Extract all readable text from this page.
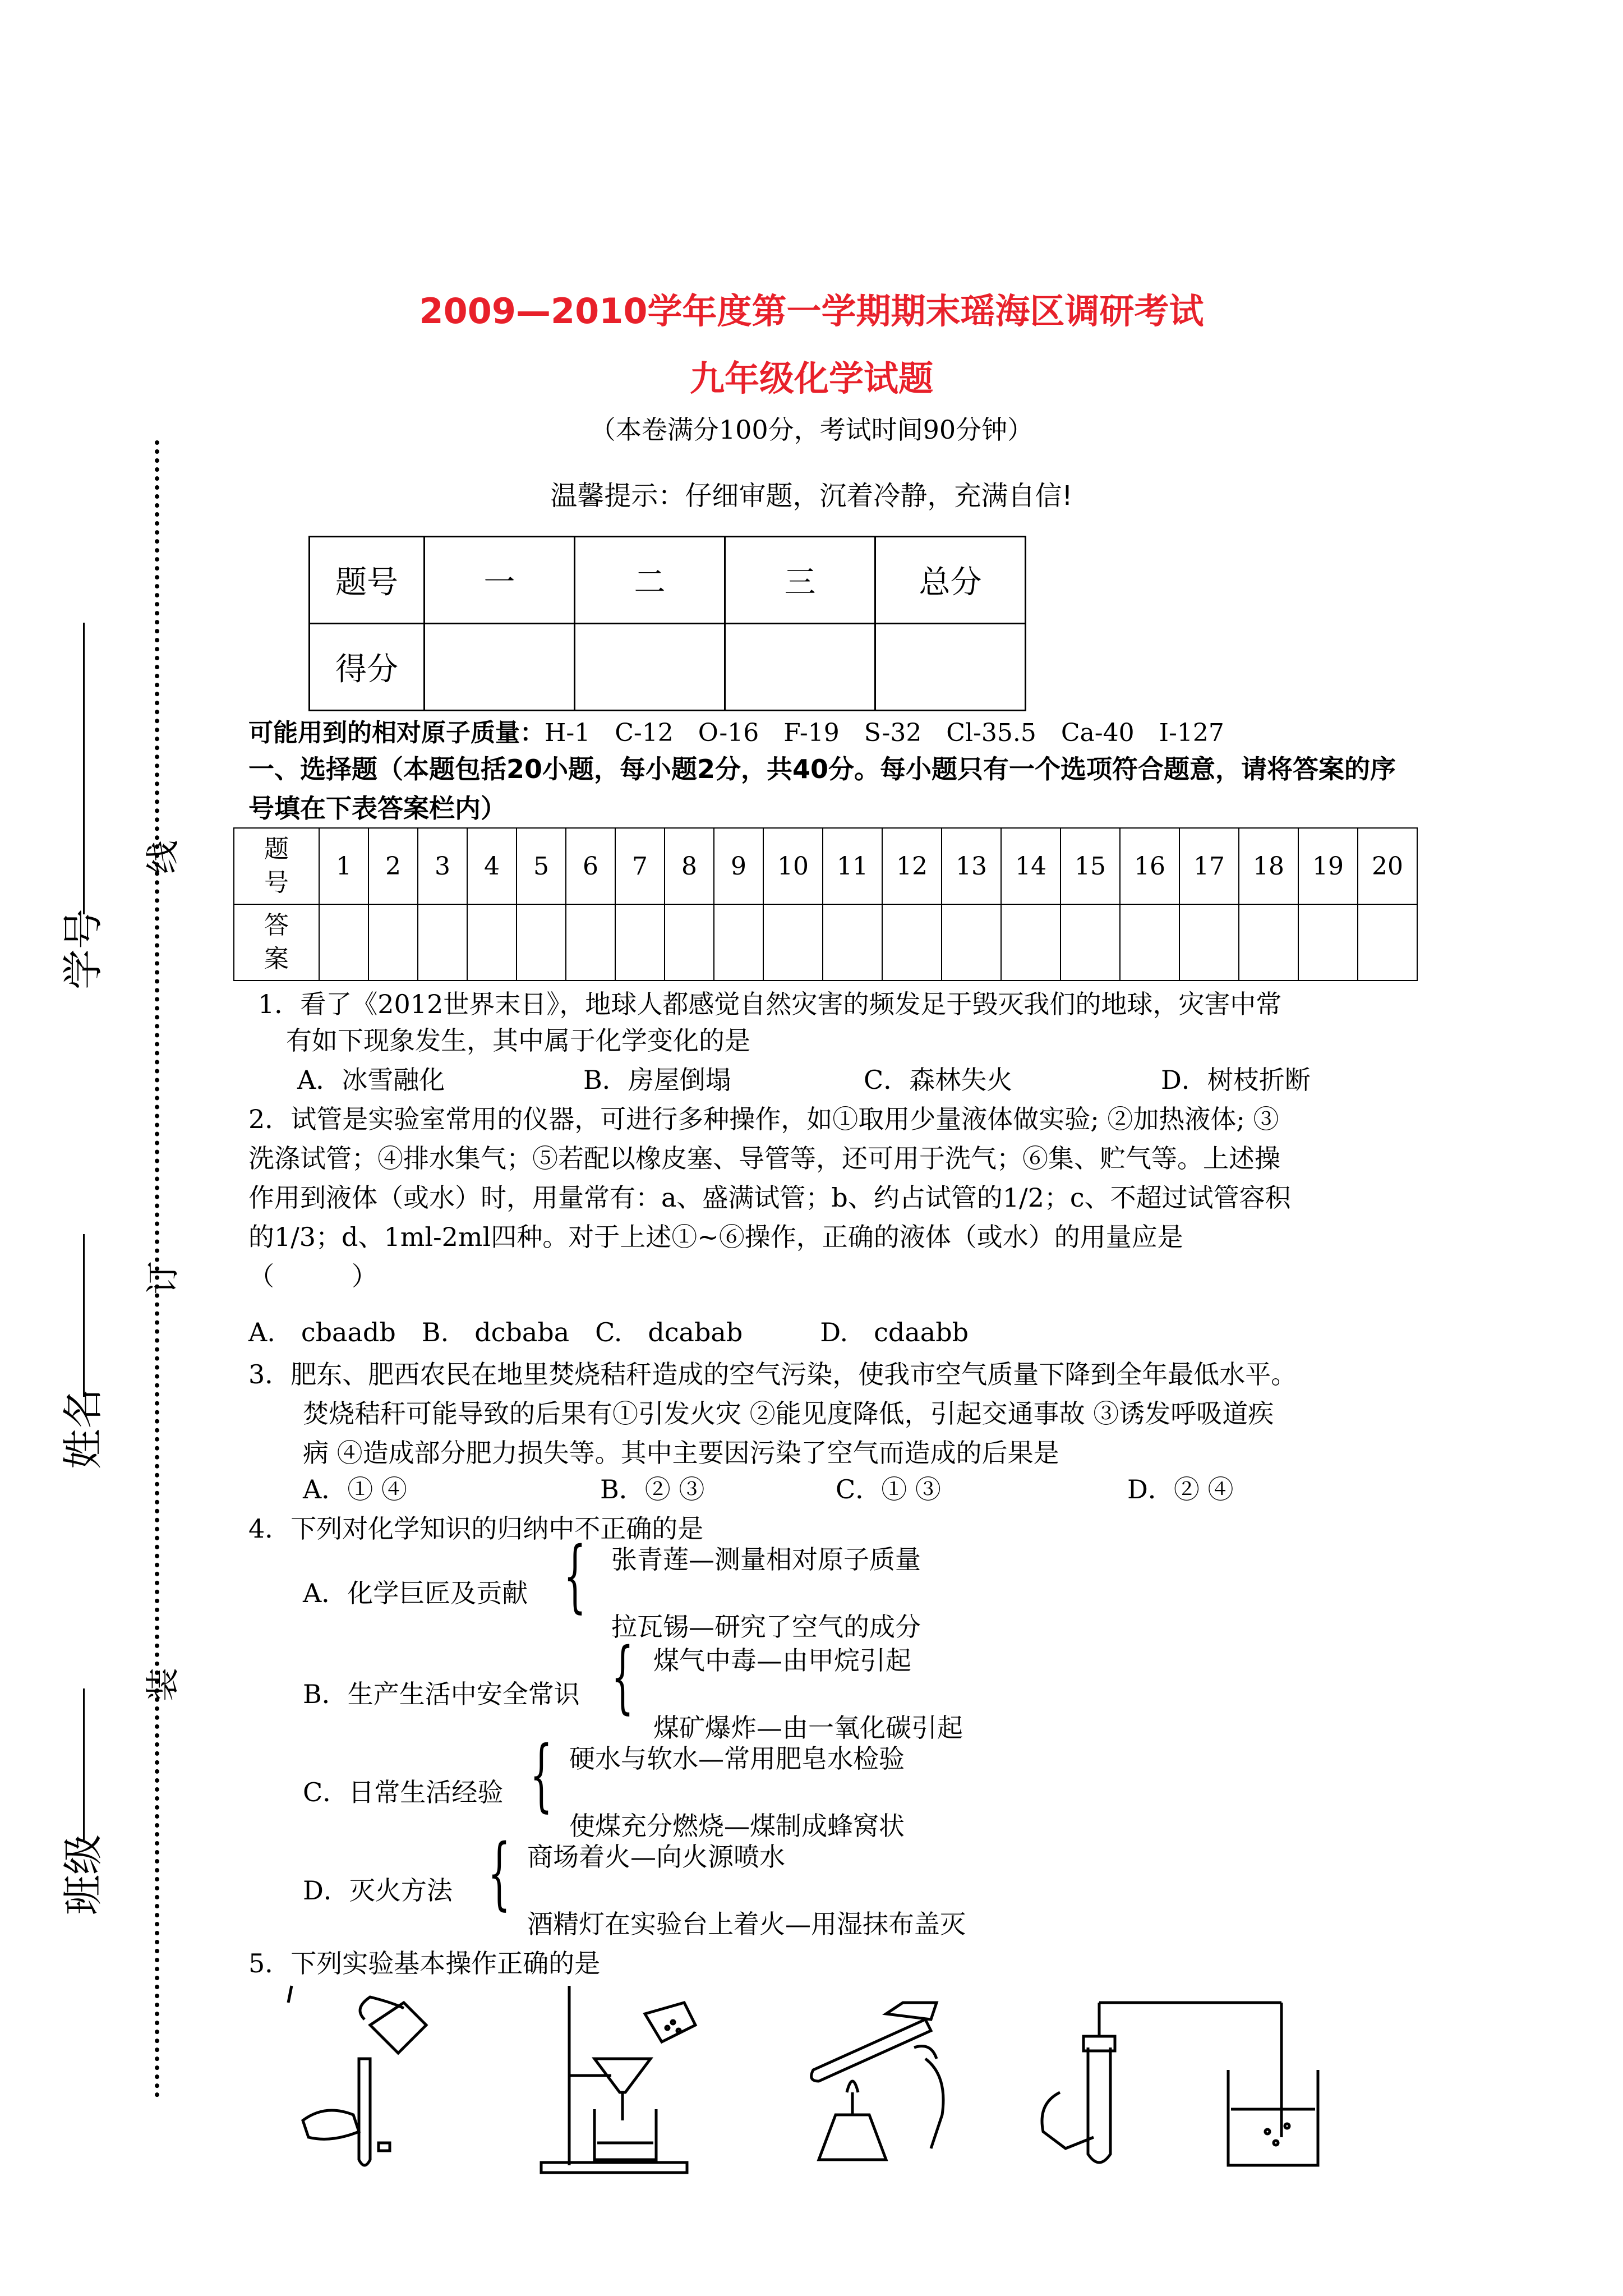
班级
姓名
学号
装
订
线
2009—2010学年度第一学期期末瑶海区调研考试
九年级化学试题
（本卷满分100分，考试时间90分钟）
温馨提示：仔细审题，沉着冷静，充满自信!
题号	一	二	三	总分
得分				
可能用到的相对原子质量：H-1　C-12　O-16　F-19　S-32　Cl-35.5　Ca-40　I-127
一、选择题（本题包括20小题，每小题2分，共40分。每小题只有一个选项符合题意，请将答案的序号填在下表答案栏内）
题号	1	2	3	4	5	6	7	8	9	10	11	12	13	14	15	16	17	18	19	20
答案																				
1．看了《2012世界末日》，地球人都感觉自然灾害的频发足于毁灭我们的地球，灾害中常
有如下现象发生，其中属于化学变化的是
A．冰雪融化	B．房屋倒塌	C．森林失火	D．树枝折断
2．试管是实验室常用的仪器，可进行多种操作，如①取用少量液体做实验; ②加热液体; ③
洗涤试管；④排水集气；⑤若配以橡皮塞、导管等，还可用于洗气；⑥集、贮气等。上述操
作用到液体（或水）时，用量常有：a、盛满试管；b、约占试管的1/2；c、不超过试管容积
的1/3；d、1ml-2ml四种。对于上述①~⑥操作，正确的液体（或水）的用量应是
（　　　）
A.　cbaadb　B.　dcbaba　C.　dcabab　　　D.　cdaabb
3．肥东、肥西农民在地里焚烧秸秆造成的空气污染，使我市空气质量下降到全年最低水平。
焚烧秸秆可能导致的后果有①引发火灾 ②能见度降低，引起交通事故 ③诱发呼吸道疾
病 ④造成部分肥力损失等。其中主要因污染了空气而造成的后果是
A．① ④	B．② ③	C．① ③	D．② ④
4．下列对化学知识的归纳中不正确的是
A．化学巨匠及贡献 { 张青莲—测量相对原子质量
拉瓦锡—研究了空气的成分
B．生产生活中安全常识 { 煤气中毒—由甲烷引起
煤矿爆炸—由一氧化碳引起
C．日常生活经验 { 硬水与软水—常用肥皂水检验
使煤充分燃烧—煤制成蜂窝状
D．灭火方法 { 商场着火—向火源喷水
酒精灯在实验台上着火—用湿抹布盖灭
5．下列实验基本操作正确的是
